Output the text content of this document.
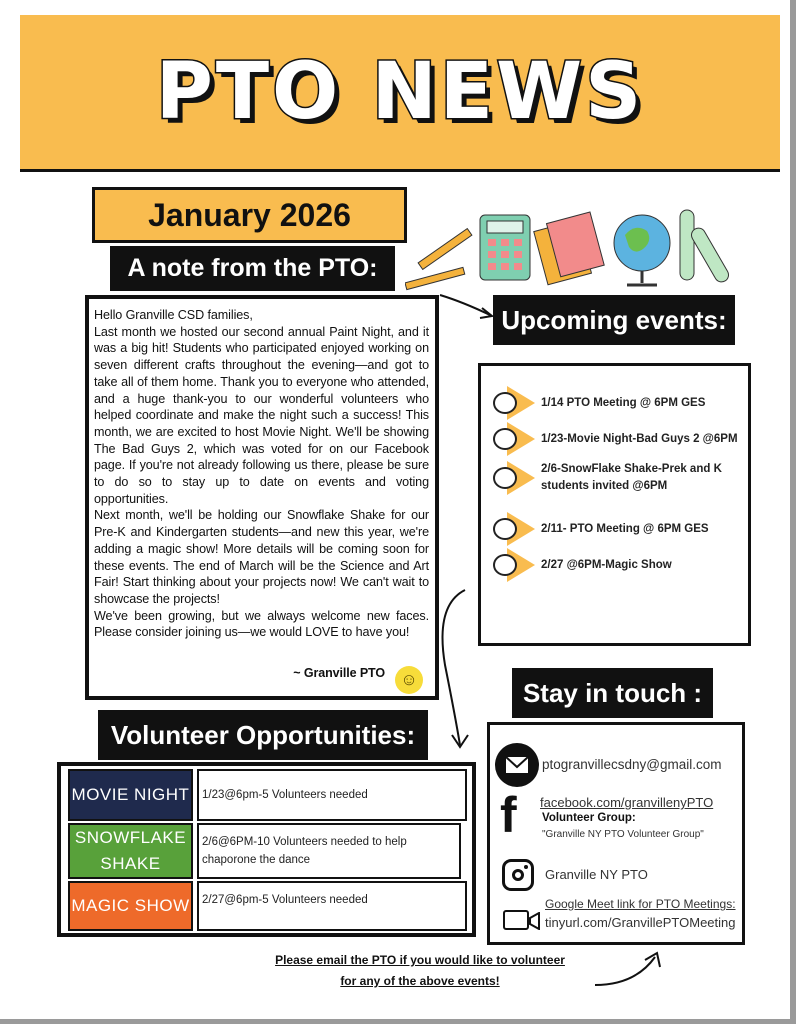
PTO NEWS
January 2026
A note from the PTO:

Hello Granville CSD families,

Last month we hosted our second annual Paint Night, and it was a big hit! Students who participated enjoyed working on seven different crafts throughout the evening—and got to take all of them home. Thank you to everyone who attended, and a huge thank-you to our wonderful volunteers who helped coordinate and make the night such a success! This month, we are excited to host Movie Night. We'll be showing The Bad Guys 2, which was voted for on our Facebook page. If you're not already following us there, please be sure to do so to stay up to date on events and voting opportunities.

Next month, we'll be holding our Snowflake Shake for our Pre-K and Kindergarten students—and new this year, we're adding a magic show! More details will be coming soon for these events. The end of March will be the Science and Art Fair! Start thinking about your projects now! We can't wait to showcase the projects!

We've been growing, but we always welcome new faces. Please consider joining us—we would LOVE to have you!

~ Granville PTO ☺
Upcoming events:
1/14 PTO Meeting @ 6PM GES
1/23-Movie Night-Bad Guys 2 @6PM
2/6-SnowFlake Shake-Prek and K students invited @6PM
2/11- PTO Meeting @ 6PM GES
2/27 @6PM-Magic Show
Stay in touch :
ptogranvillecsdny@gmail.com
f facebook.com/granvillenyPTO
Volunteer Group:
"Granville NY PTO Volunteer Group"
Granville NY PTO
Google Meet link for PTO Meetings:
tinyurl.com/GranvillePTOMeeting
Volunteer Opportunities:
MOVIE NIGHT	1/23@6pm-5 Volunteers needed
SNOWFLAKE SHAKE
2/6@6PM-10 Volunteers needed to help chaporone the dance
MAGIC SHOW	2/27@6pm-5 Volunteers needed
Please email the PTO if you would like to volunteer
for any of the above events!
